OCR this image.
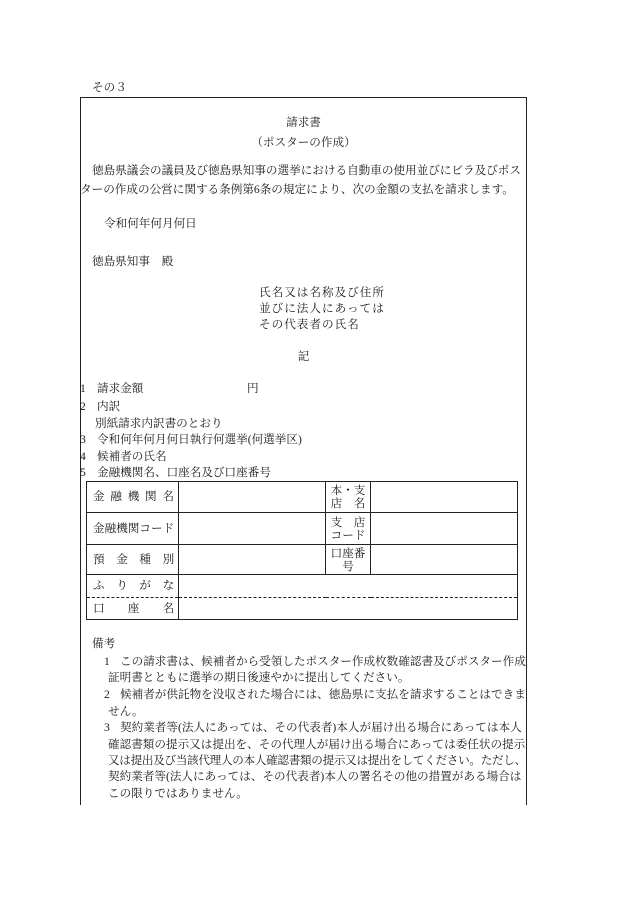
その３
請求書
（ポスターの作成）
徳島県議会の議員及び徳島県知事の選挙における自動車の使用並びにビラ及びポス
ターの作成の公営に関する条例第6条の規定により、次の金額の支払を請求します。
令和何年何月何日
徳島県知事　殿
氏名又は名称及び住所
並びに法人にあっては
その代表者の氏名
記
1 請求金額	円
2 内訳
別紙請求内訳書のとおり
3 令和何年何月何日執行何選挙(何選挙区)
4 候補者の氏名
5 金融機関名、口座名及び口座番号
金 融 機 関 名		本・支
店　名	

金融機関コード		支　店
コード	

預　金　種　別		口座番
号	

ふ　り　が　な			
口　　座　　名			
備考
1 この請求書は、候補者から受領したポスター作成枚数確認書及びポスター作成
証明書とともに選挙の期日後速やかに提出してください。
2 候補者が供託物を没収された場合には、徳島県に支払を請求することはできま
せん。
3 契約業者等(法人にあっては、その代表者)本人が届け出る場合にあっては本人
確認書類の提示又は提出を、その代理人が届け出る場合にあっては委任状の提示
又は提出及び当該代理人の本人確認書類の提示又は提出をしてください。ただし、
契約業者等(法人にあっては、その代表者)本人の署名その他の措置がある場合は
この限りではありません。
